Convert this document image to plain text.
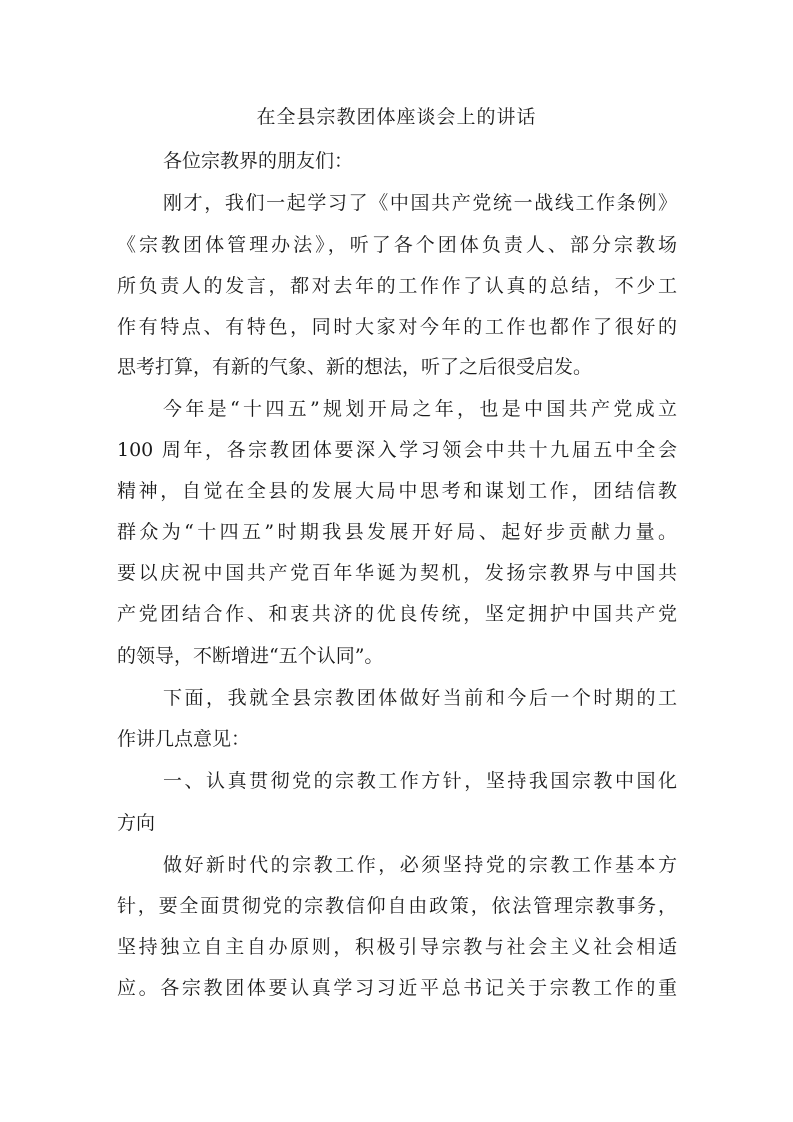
在全县宗教团体座谈会上的讲话

各位宗教界的朋友们：

刚才，我们一起学习了《中国共产党统一战线工作条例》

《宗教团体管理办法》，听了各个团体负责人、部分宗教场

所负责人的发言，都对去年的工作作了认真的总结，不少工

作有特点、有特色，同时大家对今年的工作也都作了很好的

思考打算，有新的气象、新的想法，听了之后很受启发。

今年是“十四五”规划开局之年，也是中国共产党成立

100 周年，各宗教团体要深入学习领会中共十九届五中全会

精神，自觉在全县的发展大局中思考和谋划工作，团结信教

群众为“十四五”时期我县发展开好局、起好步贡献力量。

要以庆祝中国共产党百年华诞为契机，发扬宗教界与中国共

产党团结合作、和衷共济的优良传统，坚定拥护中国共产党

的领导，不断增进“五个认同”。

下面，我就全县宗教团体做好当前和今后一个时期的工

作讲几点意见：

一、认真贯彻党的宗教工作方针，坚持我国宗教中国化

方向

做好新时代的宗教工作，必须坚持党的宗教工作基本方

针，要全面贯彻党的宗教信仰自由政策，依法管理宗教事务，

坚持独立自主自办原则，积极引导宗教与社会主义社会相适

应。各宗教团体要认真学习习近平总书记关于宗教工作的重
